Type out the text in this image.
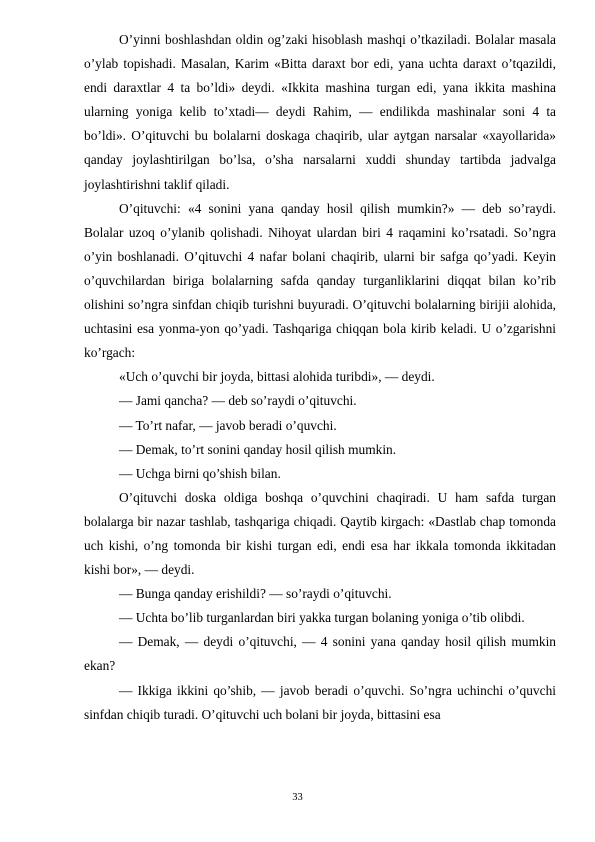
O’yinni boshlashdan oldin og’zaki hisoblash mashqi o’tkaziladi. Bolalar masala o’ylab topishadi. Masalan, Karim «Bitta daraxt bor edi, yana uchta daraxt o’tqazildi, endi daraxtlar 4 ta bo’ldi» deydi. «Ikkita mashina turgan edi, yana ikkita mashina ularning yoniga kelib to’xtadi— deydi Rahim, — endilikda mashinalar soni 4 ta bo’ldi». O’qituvchi bu bolalarni doskaga chaqirib, ular aytgan narsalar «xayollarida» qanday joylashtirilgan bo’lsa, o’sha narsalarni xuddi shunday tartibda jadvalga joylashtirishni taklif qiladi.

O’qituvchi: «4 sonini yana qanday hosil qilish mumkin?» — deb so’raydi. Bolalar uzoq o’ylanib qolishadi. Nihoyat ulardan biri 4 raqamini ko’rsatadi. So’ngra o’yin boshlanadi. O’qituvchi 4 nafar bolani chaqirib, ularni bir safga qo’yadi. Keyin o’quvchilardan biriga bolalarning safda qanday turganliklarini diqqat bilan ko’rib olishini so’ngra sinfdan chiqib turishni buyuradi. O’qituvchi bolalarning birijii alohida, uchtasini esa yonma-yon qo’yadi. Tashqariga chiqqan bola kirib keladi. U o’zgarishni ko’rgach:

«Uch o’quvchi bir joyda, bittasi alohida turibdi», — deydi.

— Jami qancha? — deb so’raydi o’qituvchi.

— To’rt nafar, — javob beradi o’quvchi.

— Demak, to’rt sonini qanday hosil qilish mumkin.

— Uchga birni qo’shish bilan.

O’qituvchi doska oldiga boshqa o’quvchini chaqiradi. U ham safda turgan bolalarga bir nazar tashlab, tashqariga chiqadi. Qaytib kirgach: «Dastlab chap tomonda uch kishi, o’ng tomonda bir kishi turgan edi, endi esa har ikkala tomonda ikkitadan kishi bor», — deydi.

— Bunga qanday erishildi? — so’raydi o’qituvchi.

— Uchta bo’lib turganlardan biri yakka turgan bolaning yoniga o’tib olibdi.

— Demak, — deydi o’qituvchi, — 4 sonini yana qanday hosil qilish mumkin ekan?

— Ikkiga ikkini qo’shib, — javob beradi o’quvchi. So’ngra uchinchi o’quvchi sinfdan chiqib turadi. O’qituvchi uch bolani bir joyda, bittasini esa

33
